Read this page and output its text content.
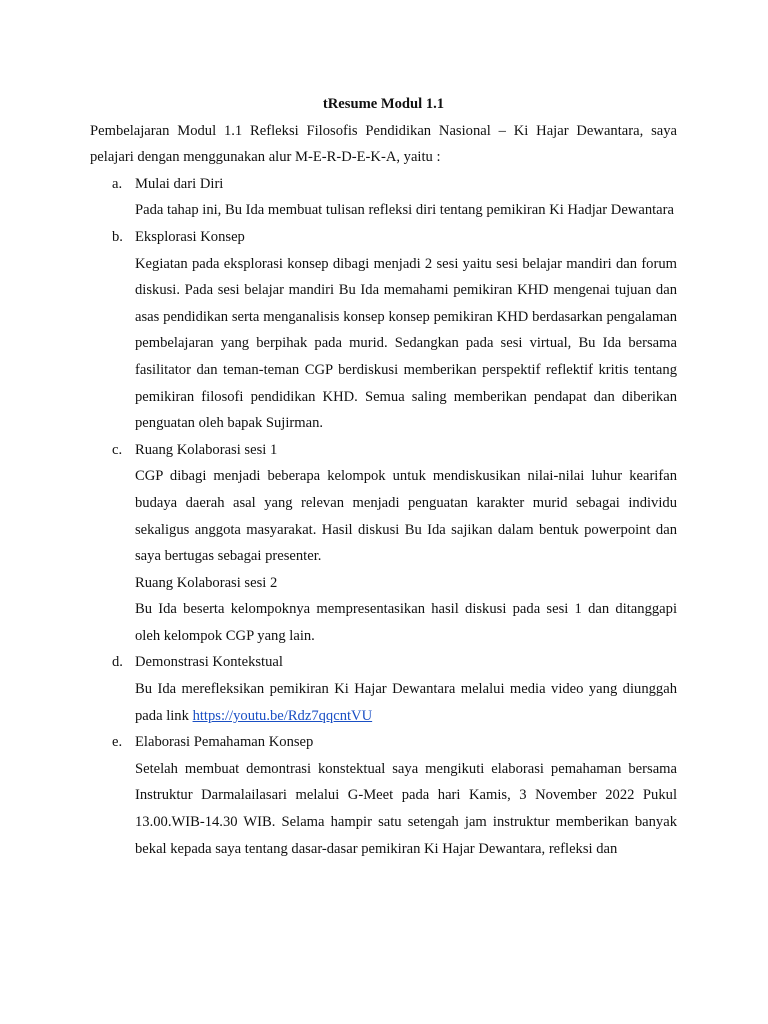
tResume Modul 1.1

Pembelajaran Modul 1.1 Refleksi Filosofis Pendidikan Nasional – Ki Hajar Dewantara, saya pelajari dengan menggunakan alur M-E-R-D-E-K-A, yaitu :

a. Mulai dari Diri

Pada tahap ini, Bu Ida membuat tulisan refleksi diri tentang pemikiran Ki Hadjar Dewantara

b. Eksplorasi Konsep

Kegiatan pada eksplorasi konsep dibagi menjadi 2 sesi yaitu sesi belajar mandiri dan forum diskusi. Pada sesi belajar mandiri Bu Ida memahami pemikiran KHD mengenai tujuan dan asas pendidikan serta menganalisis konsep konsep pemikiran KHD berdasarkan pengalaman pembelajaran yang berpihak pada murid. Sedangkan pada sesi virtual, Bu Ida bersama fasilitator dan teman-teman CGP berdiskusi memberikan perspektif reflektif kritis tentang pemikiran filosofi pendidikan KHD. Semua saling memberikan pendapat dan diberikan penguatan oleh bapak Sujirman.

c. Ruang Kolaborasi sesi 1

CGP dibagi menjadi beberapa kelompok untuk mendiskusikan nilai-nilai luhur kearifan budaya daerah asal yang relevan menjadi penguatan karakter murid sebagai individu sekaligus anggota masyarakat. Hasil diskusi Bu Ida sajikan dalam bentuk powerpoint dan saya bertugas sebagai presenter.

Ruang Kolaborasi sesi 2

Bu Ida beserta kelompoknya mempresentasikan hasil diskusi pada sesi 1 dan ditanggapi oleh kelompok CGP yang lain.

d. Demonstrasi Kontekstual

Bu Ida merefleksikan pemikiran Ki Hajar Dewantara melalui media video yang diunggah pada link https://youtu.be/Rdz7qqcntVU

e. Elaborasi Pemahaman Konsep

Setelah membuat demontrasi konstektual saya mengikuti elaborasi pemahaman bersama Instruktur Darmalailasari melalui G-Meet pada hari Kamis, 3 November 2022 Pukul 13.00.WIB-14.30 WIB. Selama hampir satu setengah jam instruktur memberikan banyak bekal kepada saya tentang dasar-dasar pemikiran Ki Hajar Dewantara, refleksi dan
